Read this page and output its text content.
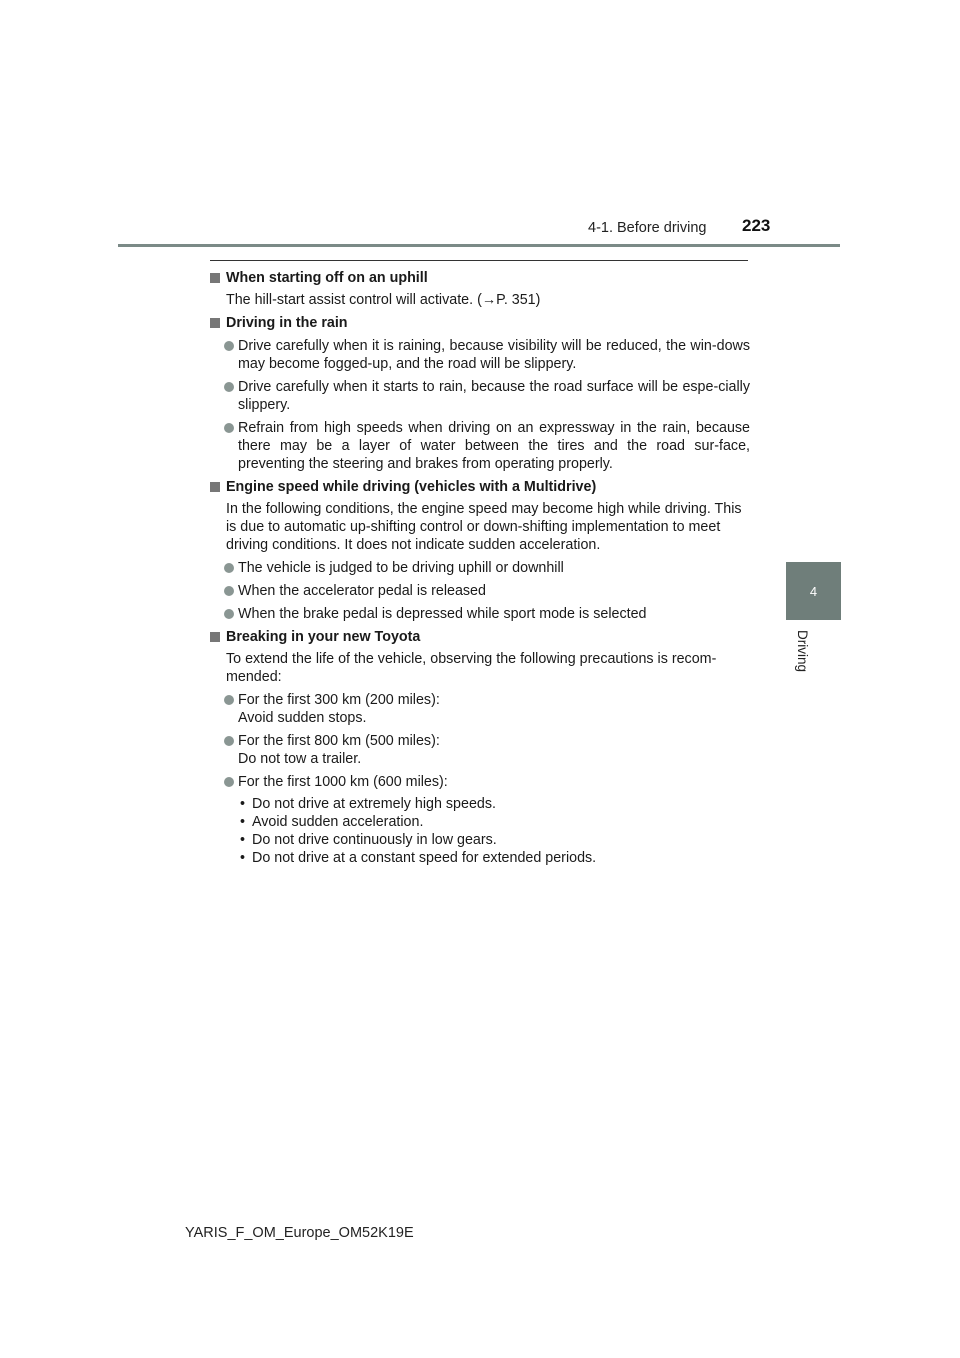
4-1. Before driving 223
4
Driving
When starting off on an uphill
The hill-start assist control will activate. (→P. 351)
Driving in the rain
Drive carefully when it is raining, because visibility will be reduced, the win-dows may become fogged-up, and the road will be slippery.
Drive carefully when it starts to rain, because the road surface will be espe-cially slippery.
Refrain from high speeds when driving on an expressway in the rain, because there may be a layer of water between the tires and the road sur-face, preventing the steering and brakes from operating properly.
Engine speed while driving (vehicles with a Multidrive)
In the following conditions, the engine speed may become high while driving. This is due to automatic up-shifting control or down-shifting implementation to meet driving conditions. It does not indicate sudden acceleration.
The vehicle is judged to be driving uphill or downhill
When the accelerator pedal is released
When the brake pedal is depressed while sport mode is selected
Breaking in your new Toyota
To extend the life of the vehicle, observing the following precautions is recom-mended:
For the first 300 km (200 miles):
Avoid sudden stops.
For the first 800 km (500 miles):
Do not tow a trailer.
For the first 1000 km (600 miles):
• Do not drive at extremely high speeds.
• Avoid sudden acceleration.
• Do not drive continuously in low gears.
• Do not drive at a constant speed for extended periods.
YARIS_F_OM_Europe_OM52K19E
